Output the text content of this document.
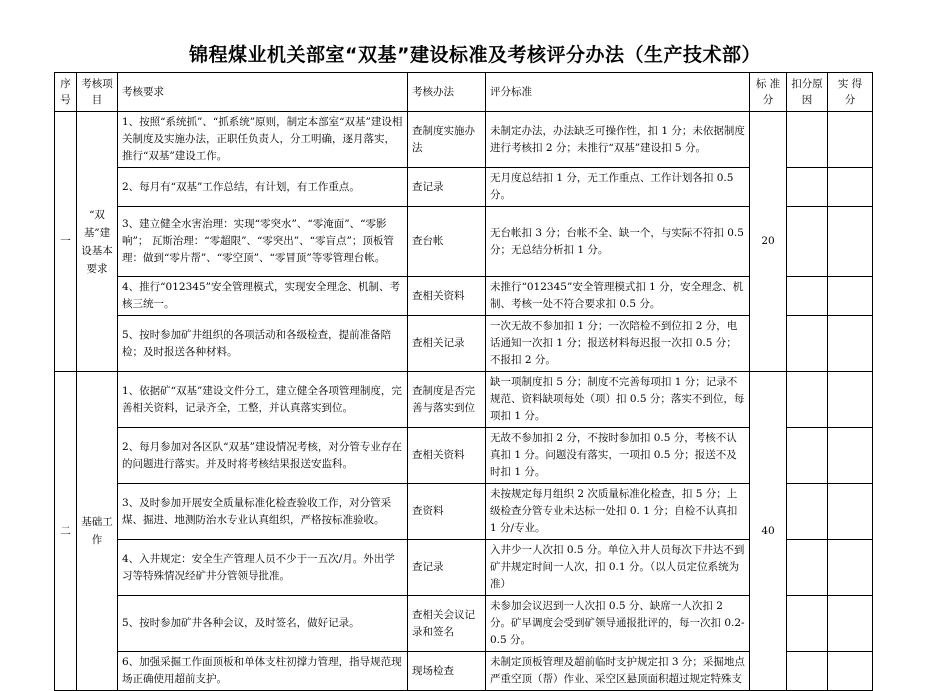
锦程煤业机关部室“双基”建设标准及考核评分办法（生产技术部）
序号	考核项目	考核要求	考核办法	评分标准	标 准 分	扣分原因	实 得 分
一	“双基”建设基本要求	1、按照“系统抓”、“抓系统”原则，制定本部室“双基”建设相关制度及实施办法，正职任负责人，分工明确，逐月落实，推行“双基”建设工作。	查制度实施办法	未制定办法，办法缺乏可操作性，扣 1 分；未依据制度进行考核扣 2 分；未推行“双基”建设扣 5 分。	20		
		2、每月有“双基”工作总结，有计划，有工作重点。	查记录	无月度总结扣 1 分，无工作重点、工作计划各扣 0.5 分。			
		3、建立健全水害治理：实现“零突水”、“零淹面”、“零影响”； 瓦斯治理：“零超限”、“零突出”、“零盲点”；顶板管理：做到“零片帮”、“零空顶”、“零冒顶”等零管理台帐。	查台帐	无台帐扣 3 分；台帐不全、缺一个，与实际不符扣 0.5 分；无总结分析扣 1 分。			
		4、推行“012345”安全管理模式，实现安全理念、机制、考核三统一。	查相关资料	未推行“012345”安全管理模式扣 1 分，安全理念、机制、考核一处不符合要求扣 0.5 分。			
		5、按时参加矿井组织的各项活动和各级检查，提前准备陪检；及时报送各种材料。	查相关记录	一次无故不参加扣 1 分；一次陪检不到位扣 2 分，电话通知一次扣 1 分；报送材料每迟报一次扣 0.5 分；不报扣 2 分。			
二	基础工作	1、依据矿“双基”建设文件分工，建立健全各项管理制度，完善相关资料，记录齐全，工整，并认真落实到位。	查制度是否完善与落实到位	缺一项制度扣 5 分；制度不完善每项扣 1 分；记录不规范、资料缺项每处（项）扣 0.5 分；落实不到位，每项扣 1 分。	40		
		2、每月参加对各区队“双基”建设情况考核，对分管专业存在的问题进行落实。并及时将考核结果报送安监科。	查相关资料	无故不参加扣 2 分，不按时参加扣 0.5 分，考核不认真扣 1 分。问题没有落实，一项扣 0.5 分；报送不及时扣 1 分。			
		3、及时参加开展安全质量标准化检查验收工作，对分管采煤、掘进、地测防治水专业认真组织，严格按标准验收。	查资料	未按规定每月组织 2 次质量标准化检查，扣 5 分；上级检查分管专业未达标一处扣 0. 1 分；自检不认真扣 1 分/专业。			
		4、入井规定：安全生产管理人员不少于一五次/月。外出学习等特殊情况经矿井分管领导批准。	查记录	入井少一人次扣 0.5 分。单位入井人员每次下井达不到矿井规定时间一人次，扣 0.1 分。（以人员定位系统为准）			
		5、按时参加矿井各种会议，及时签名，做好记录。	查相关会议记录和签名	未参加会议迟到一人次扣 0.5 分、缺席一人次扣 2 分。矿早调度会受到矿领导通报批评的，每一次扣 0.2-0.5 分。			
		6、加强采掘工作面顶板和单体支柱初撑力管理，指导规范现场正确使用超前支护。	现场检查	未制定顶板管理及超前临时支护规定扣 3 分；采掘地点严重空顶（帮）作业、采空区悬顶面积超过规定特殊支			
